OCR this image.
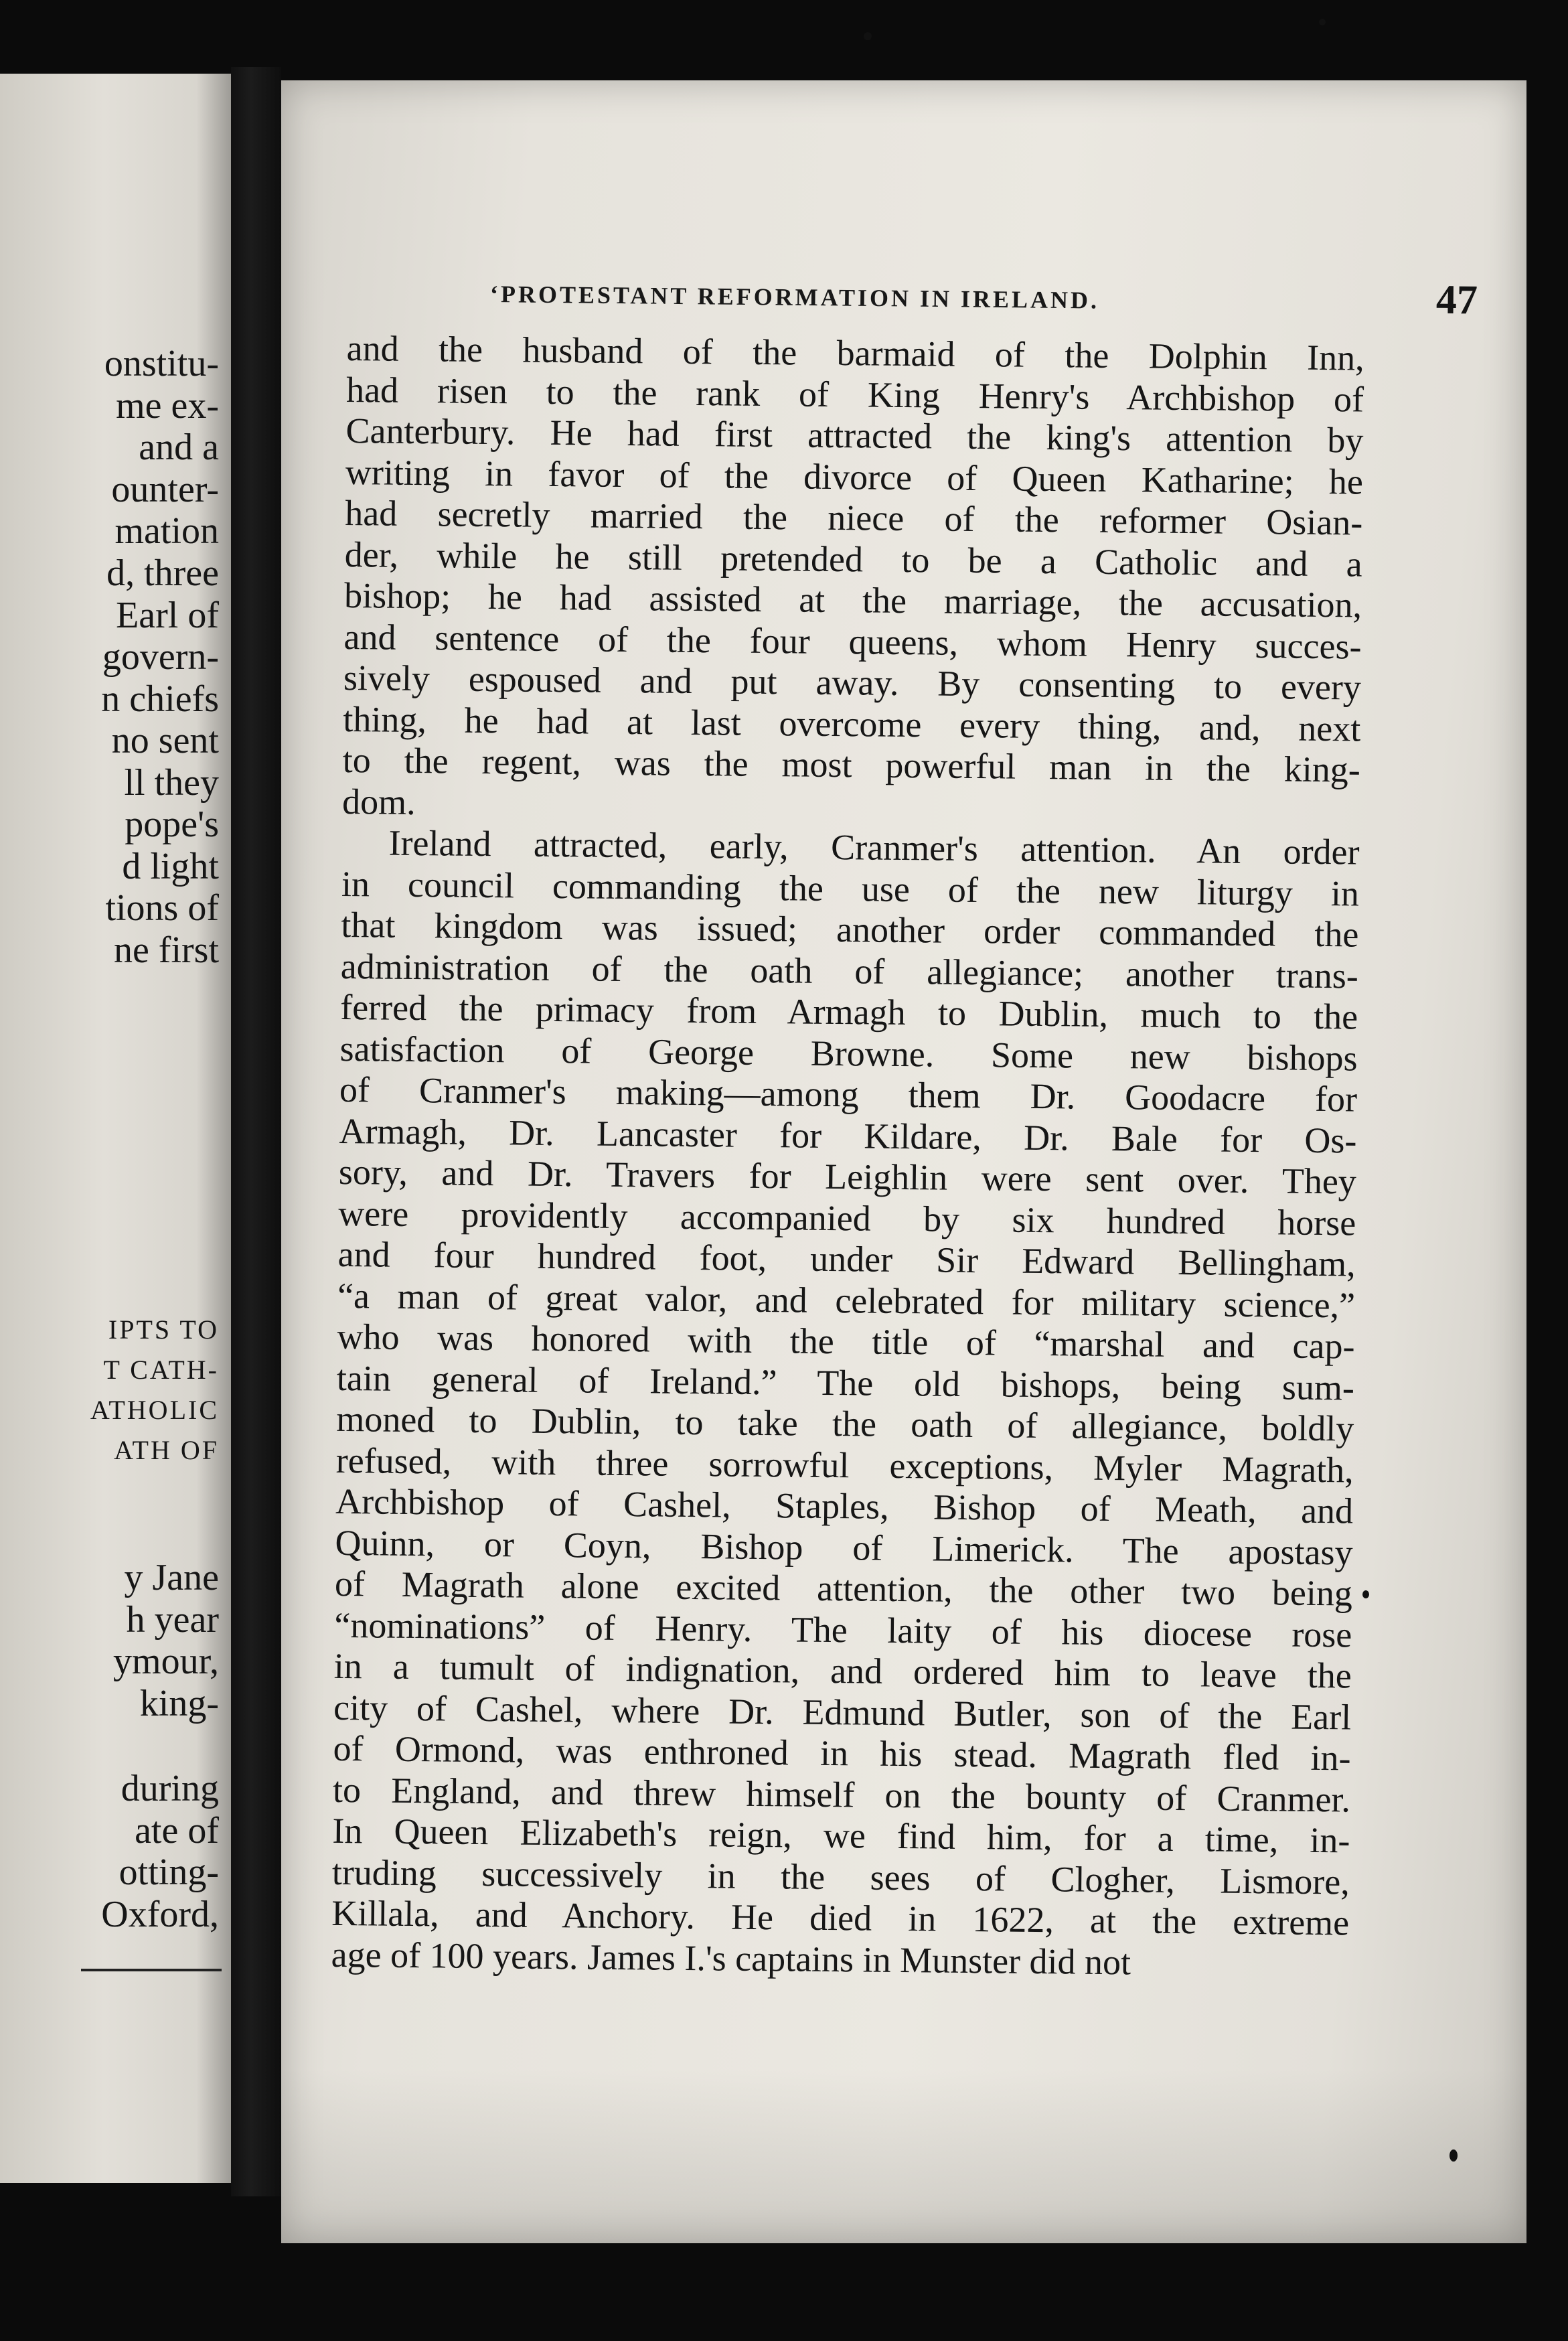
onstitu-
me ex-
and a
ounter-
mation
d, three
Earl of
govern-
n chiefs
no sent
ll they
pope's
d light
tions of
ne first
IPTS TO
T CATH-
ATHOLIC
ATH OF
y Jane
h year
ymour,
king-
during
ate of
otting-
Oxford,
‘PROTESTANT REFORMATION IN IRELAND.	47
and the husband of the barmaid of the Dolphin Inn,
had risen to the rank of King Henry's Archbishop of
Canterbury. He had first attracted the king's attention by
writing in favor of the divorce of Queen Katharine; he
had secretly married the niece of the reformer Osian-
der, while he still pretended to be a Catholic and a
bishop; he had assisted at the marriage, the accusation,
and sentence of the four queens, whom Henry succes-
sively espoused and put away. By consenting to every
thing, he had at last overcome every thing, and, next
to the regent, was the most powerful man in the king-
dom.
Ireland attracted, early, Cranmer's attention. An order
in council commanding the use of the new liturgy in
that kingdom was issued; another order commanded the
administration of the oath of allegiance; another trans-
ferred the primacy from Armagh to Dublin, much to the
satisfaction of George Browne. Some new bishops
of Cranmer's making—among them Dr. Goodacre for
Armagh, Dr. Lancaster for Kildare, Dr. Bale for Os-
sory, and Dr. Travers for Leighlin were sent over. They
were providently accompanied by six hundred horse
and four hundred foot, under Sir Edward Bellingham,
“a man of great valor, and celebrated for military science,”
who was honored with the title of “marshal and cap-
tain general of Ireland.” The old bishops, being sum-
moned to Dublin, to take the oath of allegiance, boldly
refused, with three sorrowful exceptions, Myler Magrath,
Archbishop of Cashel, Staples, Bishop of Meath, and
Quinn, or Coyn, Bishop of Limerick. The apostasy
of Magrath alone excited attention, the other two being
“nominations” of Henry. The laity of his diocese rose
in a tumult of indignation, and ordered him to leave the
city of Cashel, where Dr. Edmund Butler, son of the Earl
of Ormond, was enthroned in his stead. Magrath fled in-
to England, and threw himself on the bounty of Cranmer.
In Queen Elizabeth's reign, we find him, for a time, in-
truding successively in the sees of Clogher, Lismore,
Killala, and Anchory. He died in 1622, at the extreme
age of 100 years. James I.'s captains in Munster did not
